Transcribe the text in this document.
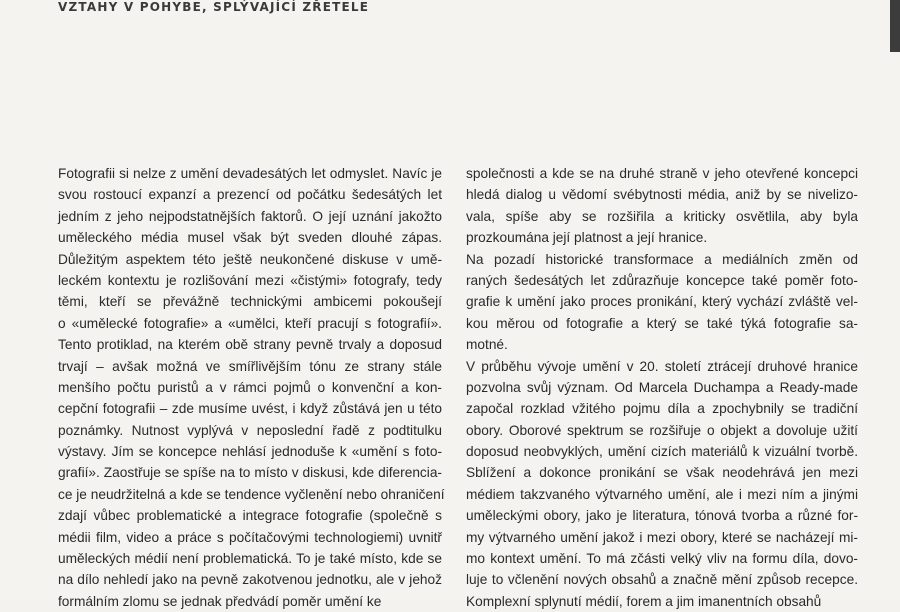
VZTAHY V POHYBE, SPLÝVAJÍCÍ ZŘETELE
Fotografii si nelze z umění devadesátých let odmyslet. Navíc je
svou rostoucí expanzí a prezencí od počátku šedesátých let
jedním z jeho nejpodstatnějších faktorů. O její uznání jakožto
uměleckého média musel však být sveden dlouhé zápas.
Důležitým aspektem této ještě neukončené diskuse v umě-
leckém kontextu je rozlišování mezi «čistými» fotografy, tedy
těmi, kteří se převážně technickými ambicemi pokoušejí
o «umělecké fotografie» a «umělci, kteří pracují s fotografií».
Tento protiklad, na kterém obě strany pevně trvaly a doposud
trvají – avšak možná ve smířlivějším tónu ze strany stále
menšího počtu puristů a v rámci pojmů o konvenční a kon-
cepční fotografii – zde musíme uvést, i když zůstává jen u této
poznámky. Nutnost vyplývá v neposlední řadě z podtitulku
výstavy. Jím se koncepce nehlásí jednoduše k «umění s foto-
grafií». Zaostřuje se spíše na to místo v diskusi, kde diferencia-
ce je neudržitelná a kde se tendence vyčlenění nebo ohraničení
zdají vůbec problematické a integrace fotografie (společně s
médii film, video a práce s počítačovými technologiemi) uvnitř
uměleckých médií není problematická. To je také místo, kde se
na dílo nehledí jako na pevně zakotvenou jednotku, ale v jehož
formálním zlomu se jednak předvádí poměr umění ke
společnosti a kde se na druhé straně v jeho otevřené koncepci
hledá dialog u vědomí svébytnosti média, aniž by se nivelizo-
vala, spíše aby se rozšiřila a kriticky osvětlila, aby byla
prozkoumána její platnost a její hranice.
Na pozadí historické transformace a mediálních změn od
raných šedesátých let zdůrazňuje koncepce také poměr foto-
grafie k umění jako proces pronikání, který vychází zvláště vel-
kou měrou od fotografie a který se také týká fotografie sa-
motné.
V průběhu vývoje umění v 20. století ztrácejí druhové hranice
pozvolna svůj význam. Od Marcela Duchampa a Ready-made
započal rozklad vžitého pojmu díla a zpochybnily se tradiční
obory. Oborové spektrum se rozšiřuje o objekt a dovoluje užití
doposud neobvyklých, umění cizích materiálů k vizuální tvorbě.
Sblížení a dokonce pronikání se však neodehrává jen mezi
médiem takzvaného výtvarného umění, ale i mezi ním a jinými
uměleckými obory, jako je literatura, tónová tvorba a různé for-
my výtvarného umění jakož i mezi obory, které se nacházejí mi-
mo kontext umění. To má zčásti velký vliv na formu díla, dovo-
luje to včlenění nových obsahů a značně mění způsob recepce.
Komplexní splynutí médií, forem a jim imanentních obsahů
